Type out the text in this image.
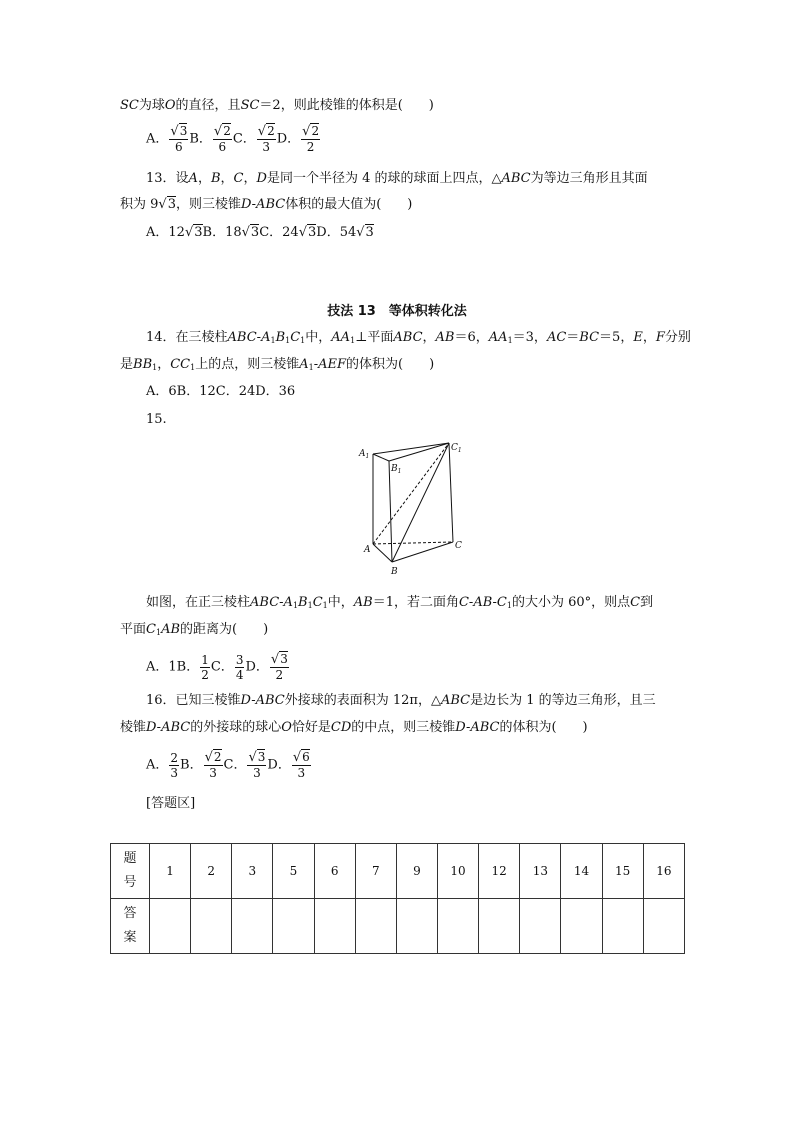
SC为球O的直径，且SC＝2，则此棱锥的体积是(　　)
A． $\frac{√3}{6}$ B． $\frac{√2}{6}$ C． $\frac{√2}{3}$ D． $\frac{√2}{2}$
13．设A，B，C，D是同一个半径为 4 的球的球面上四点，△ABC为等边三角形且其面
积为 9√3，则三棱锥D-ABC体积的最大值为(　　)
A．12√3B．18√3C．24√3D．54√3
技法 13　等体积转化法
14．在三棱柱ABC-$A_1B_1C_1$中，$AA_1\perp$平面ABC，AB＝6，$AA_1=3$，AC＝BC＝5，E，F分别
是$BB_1$，$CC_1$上的点，则三棱锥$A_1$-AEF的体积为(　　)
A．6B．12C．24D．36
15.
$A_1$
$B_1$
$C_1$
A
B
C
如图，在正三棱柱ABC-$A_1B_1C_1$中，AB＝1，若二面角$C-AB-C_1$的大小为 60°，则点C到
平面$C_1AB$的距离为(　　)
A．1B． $\frac{1}{2}$ C． $\frac{3}{4}$ D． $\frac{√3}{2}$
16．已知三棱锥D-ABC外接球的表面积为 12π，△ABC是边长为 1 的等边三角形，且三
棱锥D-ABC的外接球的球心O恰好是CD的中点，则三棱锥D-ABC的体积为(　　)
A． $\frac{2}{3}$ B． $\frac{√2}{3}$ C． $\frac{√3}{3}$ D． $\frac{√6}{3}$
[答题区]
题
号	1	2	3	5	6	7	9	10	12	13	14	15	16
答
案													
